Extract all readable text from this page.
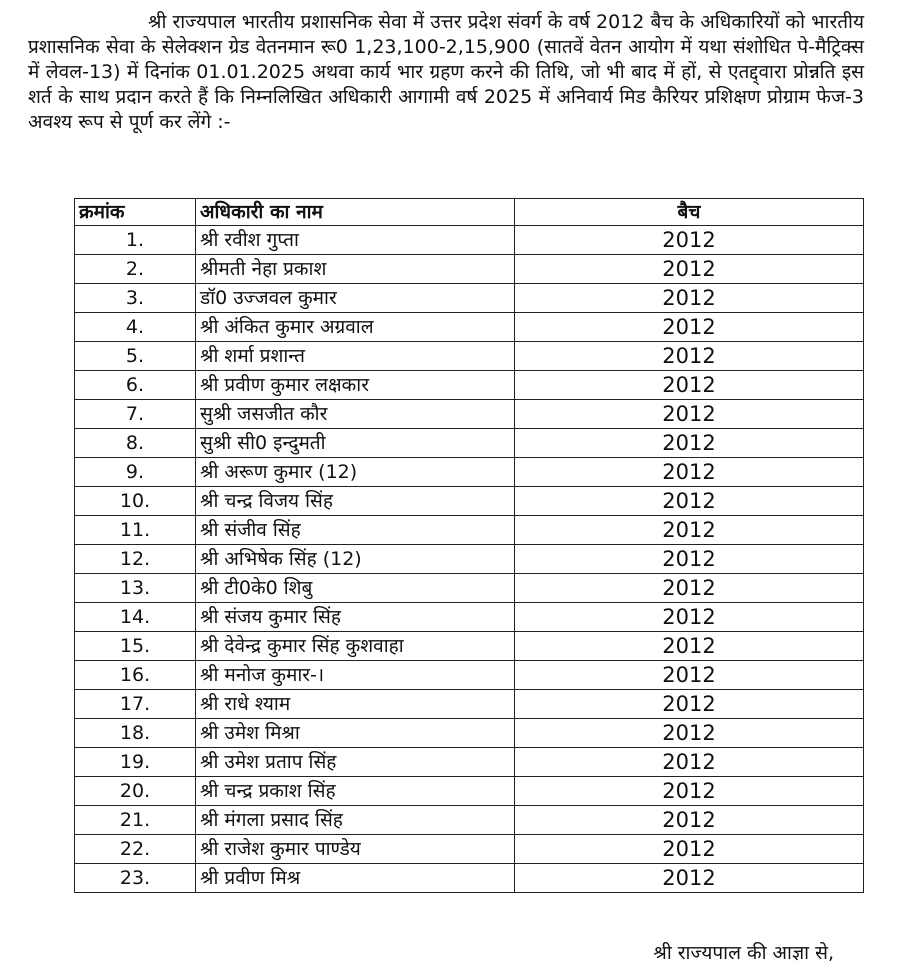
श्री राज्यपाल भारतीय प्रशासनिक सेवा में उत्तर प्रदेश संवर्ग के वर्ष 2012 बैच के अधिकारियों को भारतीय प्रशासनिक सेवा के सेलेक्शन ग्रेड वेतनमान रू0 1,23,100-2,15,900 (सातवें वेतन आयोग में यथा संशोधित पे-मैट्रिक्स में लेवल-13) में दिनांक 01.01.2025 अथवा कार्य भार ग्रहण करने की तिथि, जो भी बाद में हों, से एतद्द्वारा प्रोन्नति इस शर्त के साथ प्रदान करते हैं कि निम्नलिखित अधिकारी आगामी वर्ष 2025 में अनिवार्य मिड कैरियर प्रशिक्षण प्रोग्राम फेज-3 अवश्य रूप से पूर्ण कर लेंगे :-

क्रमांक	अधिकारी का नाम	बैच
1.	श्री रवीश गुप्ता	2012
2.	श्रीमती नेहा प्रकाश	2012
3.	डॉ0 उज्जवल कुमार	2012
4.	श्री अंकित कुमार अग्रवाल	2012
5.	श्री शर्मा प्रशान्त	2012
6.	श्री प्रवीण कुमार लक्षकार	2012
7.	सुश्री जसजीत कौर	2012
8.	सुश्री सी0 इन्दुमती	2012
9.	श्री अरूण कुमार (12)	2012
10.	श्री चन्द्र विजय सिंह	2012
11.	श्री संजीव सिंह	2012
12.	श्री अभिषेक सिंह (12)	2012
13.	श्री टी0के0 शिबु	2012
14.	श्री संजय कुमार सिंह	2012
15.	श्री देवेन्द्र कुमार सिंह कुशवाहा	2012
16.	श्री मनोज कुमार-।	2012
17.	श्री राधे श्याम	2012
18.	श्री उमेश मिश्रा	2012
19.	श्री उमेश प्रताप सिंह	2012
20.	श्री चन्द्र प्रकाश सिंह	2012
21.	श्री मंगला प्रसाद सिंह	2012
22.	श्री राजेश कुमार पाण्डेय	2012
23.	श्री प्रवीण मिश्र	2012
श्री राज्यपाल की आज्ञा से,
